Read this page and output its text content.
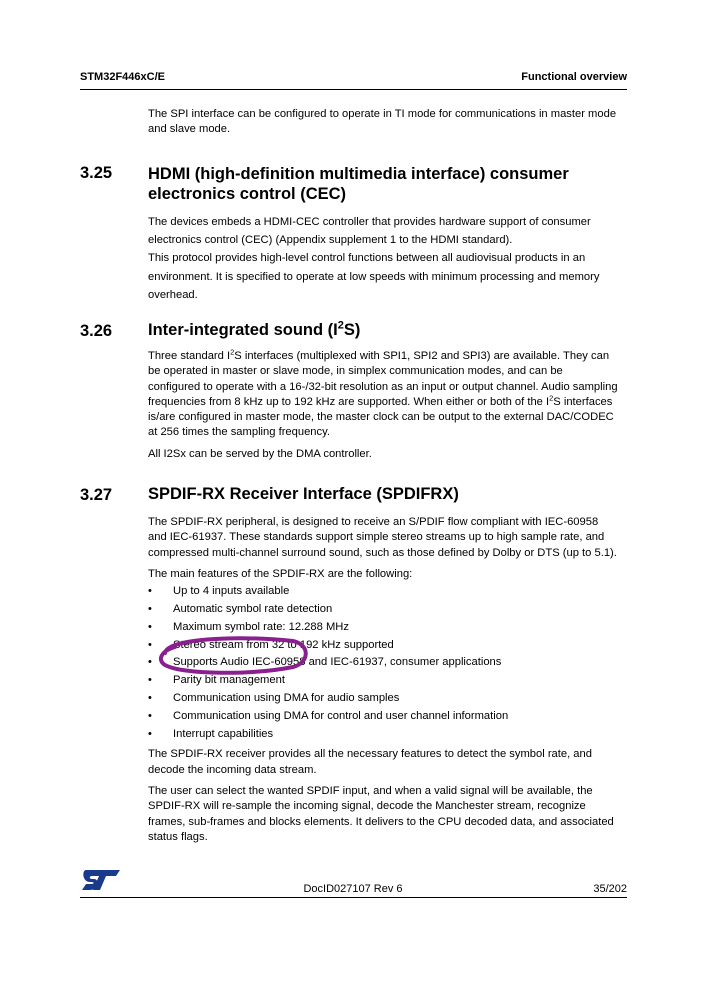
STM32F446xC/E	Functional overview

The SPI interface can be configured to operate in TI mode for communications in master mode and slave mode.

3.25 HDMI (high-definition multimedia interface) consumer electronics control (CEC)

The devices embeds a HDMI-CEC controller that provides hardware support of consumer electronics control (CEC) (Appendix supplement 1 to the HDMI standard).

This protocol provides high-level control functions between all audiovisual products in an environment. It is specified to operate at low speeds with minimum processing and memory overhead.

3.26 Inter-integrated sound $(I^2S)$

Three standard $I^2S$ interfaces (multiplexed with SPI1, SPI2 and SPI3) are available. They can be operated in master or slave mode, in simplex communication modes, and can be configured to operate with a 16-/32-bit resolution as an input or output channel. Audio sampling frequencies from 8 kHz up to 192 kHz are supported. When either or both of the $I^2S$ interfaces is/are configured in master mode, the master clock can be output to the external DAC/CODEC at 256 times the sampling frequency.

All I2Sx can be served by the DMA controller.

3.27 SPDIF-RX Receiver Interface (SPDIFRX)

The SPDIF-RX peripheral, is designed to receive an S/PDIF flow compliant with IEC-60958 and IEC-61937. These standards support simple stereo streams up to high sample rate, and compressed multi-channel surround sound, such as those defined by Dolby or DTS (up to 5.1).

The main features of the SPDIF-RX are the following:

• Up to 4 inputs available
• Automatic symbol rate detection
• Maximum symbol rate: 12.288 MHz
• Stereo stream from 32 to 192 kHz supported
• Supports Audio IEC-60958 and IEC-61937, consumer applications
• Parity bit management
• Communication using DMA for audio samples
• Communication using DMA for control and user channel information
• Interrupt capabilities

The SPDIF-RX receiver provides all the necessary features to detect the symbol rate, and decode the incoming data stream.

The user can select the wanted SPDIF input, and when a valid signal will be available, the SPDIF-RX will re-sample the incoming signal, decode the Manchester stream, recognize frames, sub-frames and blocks elements. It delivers to the CPU decoded data, and associated status flags.

DocID027107 Rev 6	35/202
